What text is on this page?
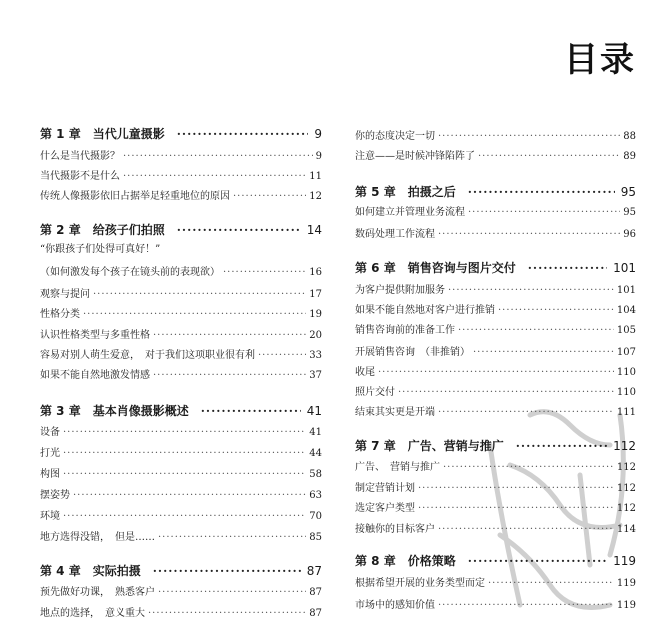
目录
第 1 章　当代儿童摄影 ·····	9
什么是当代摄影？ ·····	9
当代摄影不是什么 ·····	11
传统人像摄影依旧占据举足轻重地位的原因 ·····	12
第 2 章　给孩子们拍照 ·····	14
“你跟孩子们处得可真好！”
（如何激发每个孩子在镜头前的表现欲） ·····	16
观察与提问 ·····	17
性格分类 ·····	19
认识性格类型与多重性格 ·····	20
容易对别人萌生爱意，　对于我们这项职业很有利 ·····	33
如果不能自然地激发情感 ·····	37
第 3 章　基本肖像摄影概述 ·····	41
设备 ·····	41
打光 ·····	44
构图 ·····	58
摆姿势 ·····	63
环境 ·····	70
地方选得没错，　但是…… ·····	85
第 4 章　实际拍摄 ·····	87
预先做好功课，　熟悉客户 ·····	87
地点的选择，　意义重大 ·····	87
你的态度决定一切 ·····	88
注意——是时候冲锋陷阵了 ·····	89
第 5 章　拍摄之后 ·····	95
如何建立并管理业务流程 ·····	95
数码处理工作流程 ·····	96
第 6 章　销售咨询与图片交付 ·····	101
为客户提供附加服务 ·····	101
如果不能自然地对客户进行推销 ·····	104
销售咨询前的准备工作 ·····	105
开展销售咨询　（非推销） ·····	107
收尾 ·····	110
照片交付 ·····	110
结束其实更是开端 ·····	111
第 7 章　广告、营销与推广 ·····	112
广告、　营销与推广 ·····	112
制定营销计划 ·····	112
选定客户类型 ·····	112
接触你的目标客户 ·····	114
第 8 章　价格策略 ·····	119
根据希望开展的业务类型而定 ·····	119
市场中的感知价值 ·····	119
